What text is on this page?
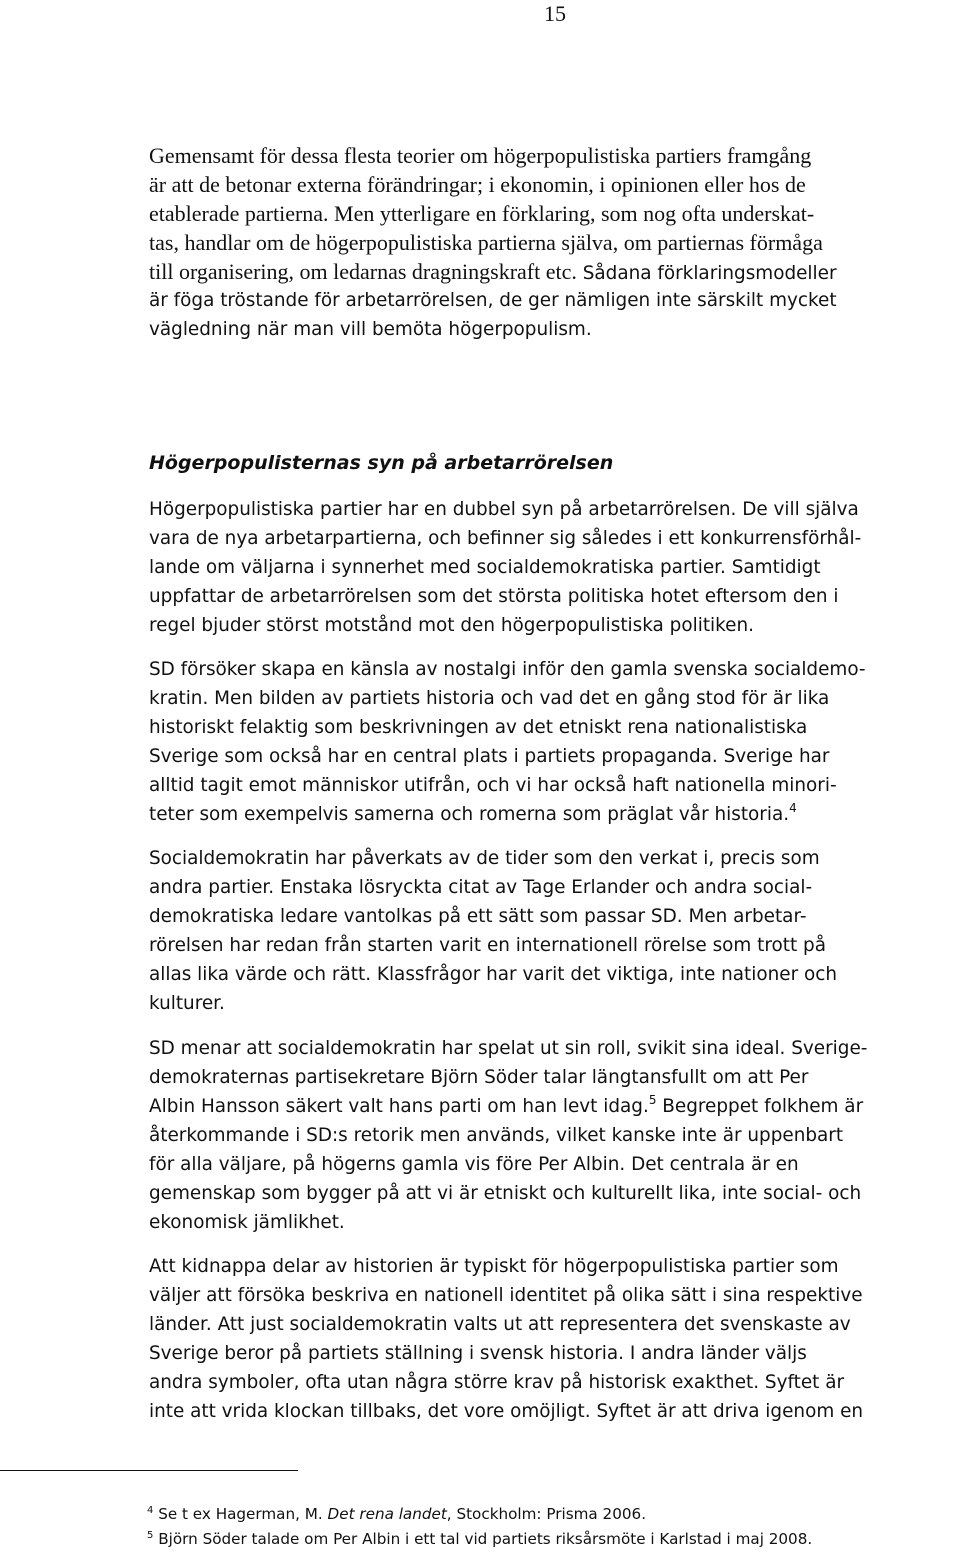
15
Gemensamt för dessa flesta teorier om högerpopulistiska partiers framgång
är att de betonar externa förändringar; i ekonomin, i opinionen eller hos de
etablerade partierna. Men ytterligare en förklaring, som nog ofta underskat-
tas, handlar om de högerpopulistiska partierna själva, om partiernas förmåga
till organisering, om ledarnas dragningskraft etc. Sådana förklaringsmodeller
är föga tröstande för arbetarrörelsen, de ger nämligen inte särskilt mycket
vägledning när man vill bemöta högerpopulism.
Högerpopulisternas syn på arbetarrörelsen
Högerpopulistiska partier har en dubbel syn på arbetarrörelsen. De vill själva
vara de nya arbetarpartierna, och befinner sig således i ett konkurrensförhål-
lande om väljarna i synnerhet med socialdemokratiska partier. Samtidigt
uppfattar de arbetarrörelsen som det största politiska hotet eftersom den i
regel bjuder störst motstånd mot den högerpopulistiska politiken.
SD försöker skapa en känsla av nostalgi inför den gamla svenska socialdemo-
kratin. Men bilden av partiets historia och vad det en gång stod för är lika
historiskt felaktig som beskrivningen av det etniskt rena nationalistiska
Sverige som också har en central plats i partiets propaganda. Sverige har
alltid tagit emot människor utifrån, och vi har också haft nationella minori-
teter som exempelvis samerna och romerna som präglat vår historia.$^4$
Socialdemokratin har påverkats av de tider som den verkat i, precis som
andra partier. Enstaka lösryckta citat av Tage Erlander och andra social-
demokratiska ledare vantolkas på ett sätt som passar SD. Men arbetar-
rörelsen har redan från starten varit en internationell rörelse som trott på
allas lika värde och rätt. Klassfrågor har varit det viktiga, inte nationer och
kulturer.
SD menar att socialdemokratin har spelat ut sin roll, svikit sina ideal. Sverige-
demokraternas partisekretare Björn Söder talar längtansfullt om att Per
Albin Hansson säkert valt hans parti om han levt idag.$^5$ Begreppet folkhem är
återkommande i SD:s retorik men används, vilket kanske inte är uppenbart
för alla väljare, på högerns gamla vis före Per Albin. Det centrala är en
gemenskap som bygger på att vi är etniskt och kulturellt lika, inte social- och
ekonomisk jämlikhet.
Att kidnappa delar av historien är typiskt för högerpopulistiska partier som
väljer att försöka beskriva en nationell identitet på olika sätt i sina respektive
länder. Att just socialdemokratin valts ut att representera det svenskaste av
Sverige beror på partiets ställning i svensk historia. I andra länder väljs
andra symboler, ofta utan några större krav på historisk exakthet. Syftet är
inte att vrida klockan tillbaks, det vore omöjligt. Syftet är att driva igenom en
$^4$ Se t ex Hagerman, M. Det rena landet, Stockholm: Prisma 2006.
$^5$ Björn Söder talade om Per Albin i ett tal vid partiets riksårsmöte i Karlstad i maj 2008.
